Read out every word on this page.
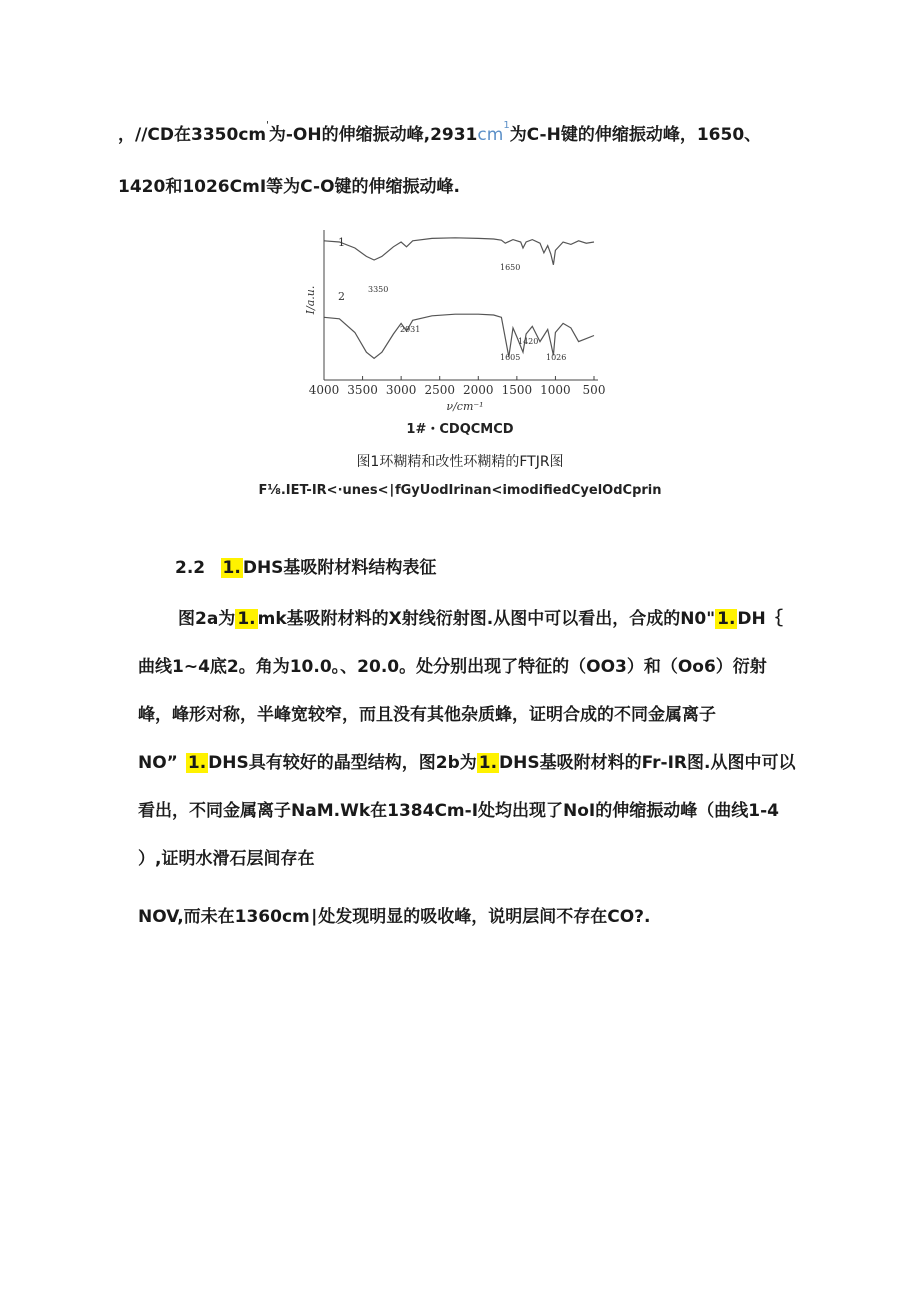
，//CD在3350cm'为-OH的伸缩振动峰$,2931cm^1$为C-H键的伸缩振动峰，1650、
1420和1026CmI等为C-O键的伸缩振动峰.
4000 3500 3000 2500 2000 1500 1000 500
I/a.u.
ν/cm⁻¹
1
2
3350
1650
2931
1605
1420
1026
1#・CDQCMCD
图1环糊精和改性环糊精的FTJR图
F⅛.IET-IR<·unes<∣fGyUodIrinan<imodifiedCyelOdCprin
2.2 1. DHS基吸附材料结构表征
图2a为 1. mk基吸附材料的X射线衍射图.从图中可以看出，合成的N0" 1. DH｛
曲线1~4底2。角为10.0。、20.0。处分别出现了特征的（OO3）和（Oo6）衍射
峰，峰形对称，半峰宽较窄，而且没有其他杂质蜂，证明合成的不同金属离子
NO” 1. DHS具有较好的晶型结构，图2b为 1. DHS基吸附材料的Fr-IR图.从图中可以
看出，不同金属离子NaM.Wk在1384Cm-I处均出现了NoI的伸缩振动峰（曲线1-4
）,证明水滑石层间存在
NOV,而未在1360cm∣处发现明显的吸收峰，说明层间不存在CO?.
